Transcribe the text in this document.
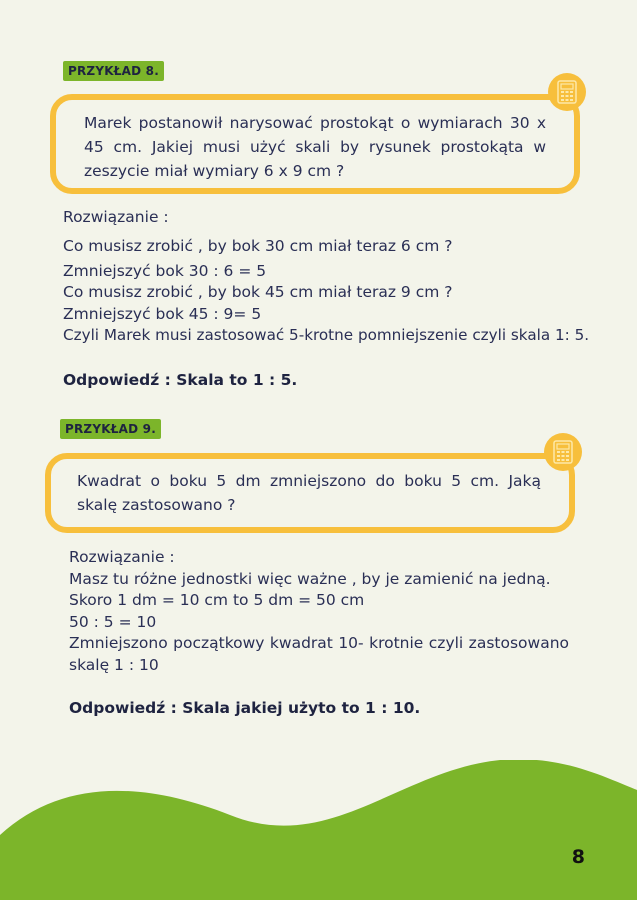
PRZYKŁAD 8.
Marek postanowił narysować prostokąt o wymiarach 30 x 45 cm. Jakiej musi użyć skali by rysunek prostokąta w zeszycie miał wymiary 6 x 9 cm ?
Rozwiązanie :
Co musisz zrobić , by bok 30 cm miał teraz 6 cm ?
Zmniejszyć bok 30 : 6 = 5
Co musisz zrobić , by bok 45 cm miał teraz 9 cm ?
Zmniejszyć bok 45 : 9= 5
Czyli Marek musi zastosować 5-krotne pomniejszenie czyli skala 1: 5.
Odpowiedź : Skala to 1 : 5.
PRZYKŁAD 9.
Kwadrat o boku 5 dm zmniejszono do boku 5 cm. Jaką skalę zastosowano ?
Rozwiązanie :
Masz tu różne jednostki więc ważne , by je zamienić na jedną.
Skoro 1 dm = 10 cm to 5 dm = 50 cm
50 : 5 = 10
Zmniejszono początkowy kwadrat 10- krotnie czyli zastosowano skalę 1 : 10
Odpowiedź : Skala jakiej użyto to 1 : 10.
8
